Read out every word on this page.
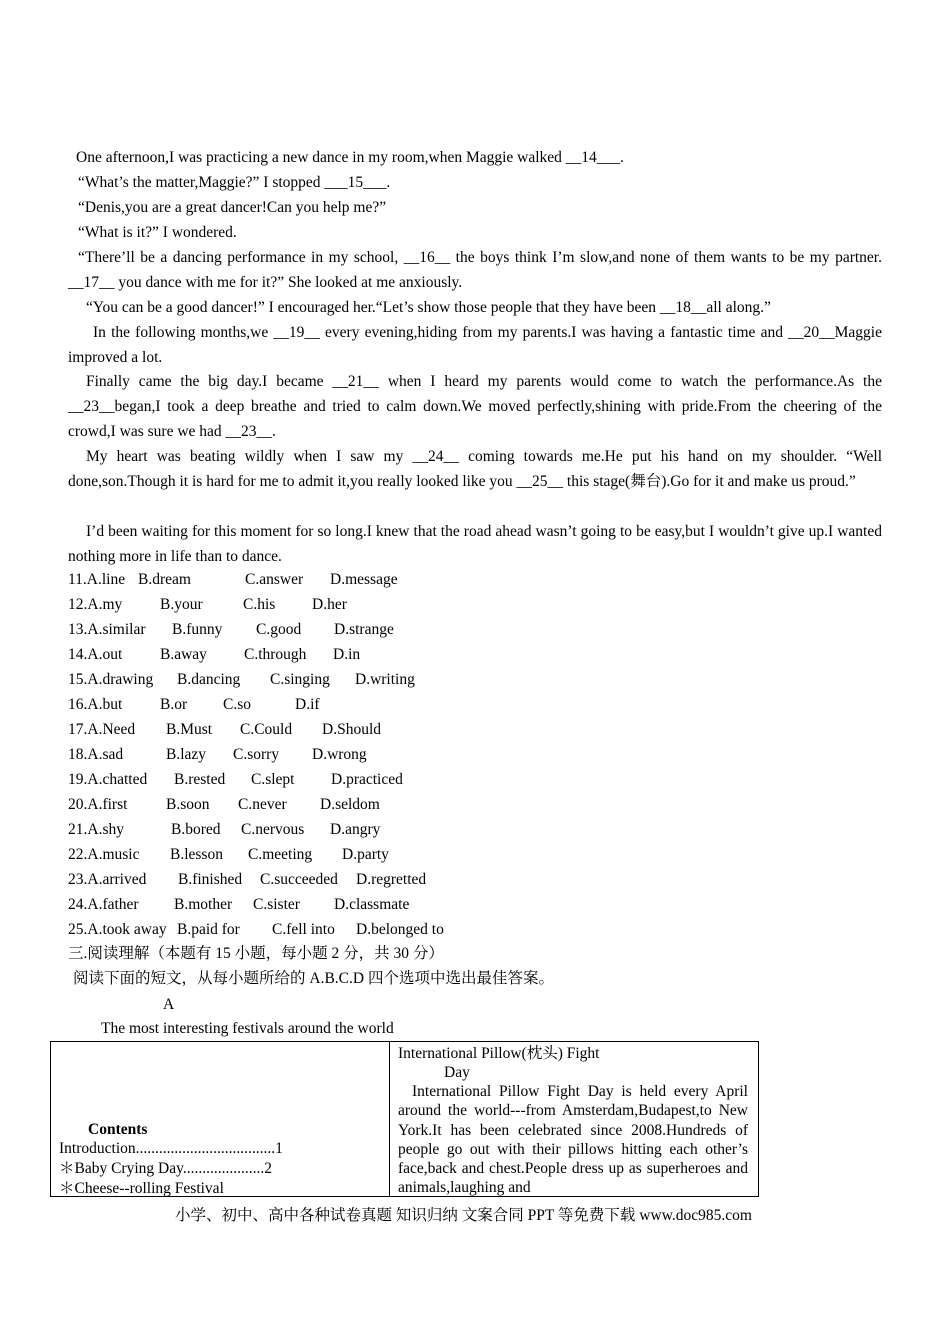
One afternoon,I was practicing a new dance in my room,when Maggie walked __14___.

“What’s the matter,Maggie?” I stopped ___15___.

“Denis,you are a great dancer!Can you help me?”

“What is it?” I wondered.

“There’ll be a dancing performance in my school, __16__ the boys think I’m slow,and none of them wants to be my partner. __17__ you dance with me for it?” She looked at me anxiously.

“You can be a good dancer!” I encouraged her.“Let’s show those people that they have been __18__all along.”

In the following months,we __19__ every evening,hiding from my parents.I was having a fantastic time and __20__Maggie improved a lot.

Finally came the big day.I became __21__ when I heard my parents would come to watch the performance.As the __23__began,I took a deep breathe and tried to calm down.We moved perfectly,shining with pride.From the cheering of the crowd,I was sure we had __23__.

My heart was beating wildly when I saw my __24__ coming towards me.He put his hand on my shoulder. “Well done,son.Though it is hard for me to admit it,you really looked like you __25__ this stage(舞台).Go for it and make us proud.”

I’d been waiting for this moment for so long.I knew that the road ahead wasn’t going to be easy,but I wouldn’t give up.I wanted nothing more in life than to dance.

11.A.line B.dream	C.answer D.message
12.A.my B.your	C.his D.her
13.A.similar B.funny C.good D.strange
14.A.out B.away C.through D.in
15.A.drawing B.dancing C.singing D.writing
16.A.but B.or C.so	D.if
17.A.Need B.Must C.Could D.Should
18.A.sad	B.lazy C.sorry D.wrong
19.A.chatted B.rested C.slept D.practiced
20.A.first B.soon C.never D.seldom
21.A.shy	B.bored C.nervous D.angry
22.A.music B.lesson C.meeting D.party
23.A.arrived B.finished C.succeeded D.regretted
24.A.father B.mother C.sister D.classmate
25.A.took away B.paid for C.fell into D.belonged to
三.阅读理解（本题有 15 小题，每小题 2 分，共 30 分）
阅读下面的短文，从每小题所给的 A.B.C.D 四个选项中选出最佳答案。
A
The most interesting festivals around the world
Contents
Introduction....................................1
＊Baby Crying Day.....................2
＊Cheese--rolling Festival

International Pillow(枕头) Fight
Day
International Pillow Fight Day is held every April around the world---from Amsterdam,Budapest,to New York.It has been celebrated since 2008.Hundreds of people go out with their pillows hitting each other’s face,back and chest.People dress up as superheroes and animals,laughing and
小学、初中、高中各种试卷真题 知识归纳 文案合同 PPT 等免费下载 www.doc985.com
